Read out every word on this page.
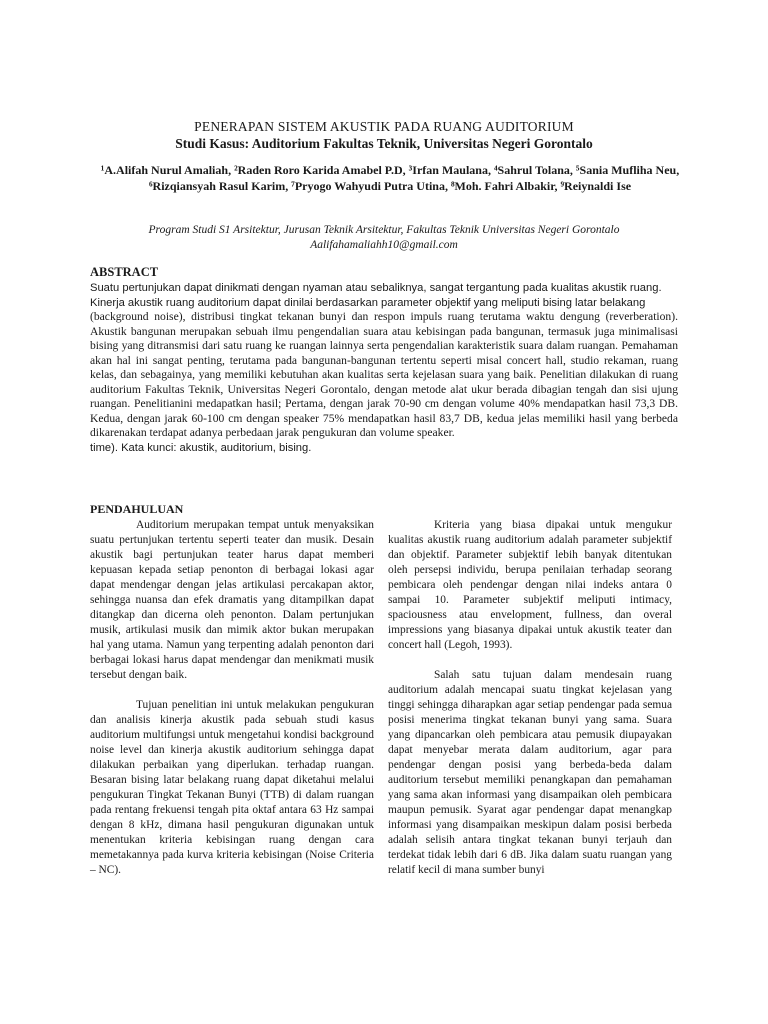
PENERAPAN SISTEM AKUSTIK PADA RUANG AUDITORIUM
Studi Kasus: Auditorium Fakultas Teknik, Universitas Negeri Gorontalo
¹A.Alifah Nurul Amaliah, ²Raden Roro Karida Amabel P.D, ³Irfan Maulana, ⁴Sahrul Tolana, ⁵Sania Mufliha Neu, ⁶Rizqiansyah Rasul Karim, ⁷Pryogo Wahyudi Putra Utina, ⁸Moh. Fahri Albakir, ⁹Reiynaldi Ise
Program Studi S1 Arsitektur, Jurusan Teknik Arsitektur, Fakultas Teknik Universitas Negeri Gorontalo
Aalifahamaliahh10@gmail.com
ABSTRACT

Suatu pertunjukan dapat dinikmati dengan nyaman atau sebaliknya, sangat tergantung pada kualitas akustik ruang.

Kinerja akustik ruang auditorium dapat dinilai berdasarkan parameter objektif yang meliputi bising latar belakang

(background noise), distribusi tingkat tekanan bunyi dan respon impuls ruang terutama waktu dengung (reverberation). Akustik bangunan merupakan sebuah ilmu pengendalian suara atau kebisingan pada bangunan, termasuk juga minimalisasi bising yang ditransmisi dari satu ruang ke ruangan lainnya serta pengendalian karakteristik suara dalam ruangan. Pemahaman akan hal ini sangat penting, terutama pada bangunan-bangunan tertentu seperti misal concert hall, studio rekaman, ruang kelas, dan sebagainya, yang memiliki kebutuhan akan kualitas serta kejelasan suara yang baik. Penelitian dilakukan di ruang auditorium Fakultas Teknik, Universitas Negeri Gorontalo, dengan metode alat ukur berada dibagian tengah dan sisi ujung ruangan. Penelitianini medapatkan hasil; Pertama, dengan jarak 70-90 cm dengan volume 40% mendapatkan hasil 73,3 DB. Kedua, dengan jarak 60-100 cm dengan speaker 75% mendapatkan hasil 83,7 DB, kedua jelas memiliki hasil yang berbeda dikarenakan terdapat adanya perbedaan jarak pengukuran dan volume speaker.

time). Kata kunci: akustik, auditorium, bising.

PENDAHULUAN

Auditorium merupakan tempat untuk menyaksikan suatu pertunjukan tertentu seperti teater dan musik. Desain akustik bagi pertunjukan teater harus dapat memberi kepuasan kepada setiap penonton di berbagai lokasi agar dapat mendengar dengan jelas artikulasi percakapan aktor, sehingga nuansa dan efek dramatis yang ditampilkan dapat ditangkap dan dicerna oleh penonton. Dalam pertunjukan musik, artikulasi musik dan mimik aktor bukan merupakan hal yang utama. Namun yang terpenting adalah penonton dari berbagai lokasi harus dapat mendengar dan menikmati musik tersebut dengan baik.

Tujuan penelitian ini untuk melakukan pengukuran dan analisis kinerja akustik pada sebuah studi kasus auditorium multifungsi untuk mengetahui kondisi background noise level dan kinerja akustik auditorium sehingga dapat dilakukan perbaikan yang diperlukan. terhadap ruangan. Besaran bising latar belakang ruang dapat diketahui melalui pengukuran Tingkat Tekanan Bunyi (TTB) di dalam ruangan pada rentang frekuensi tengah pita oktaf antara 63 Hz sampai dengan 8 kHz, dimana hasil pengukuran digunakan untuk menentukan kriteria kebisingan ruang dengan cara memetakannya pada kurva kriteria kebisingan (Noise Criteria – NC).

Kriteria yang biasa dipakai untuk mengukur kualitas akustik ruang auditorium adalah parameter subjektif dan objektif. Parameter subjektif lebih banyak ditentukan oleh persepsi individu, berupa penilaian terhadap seorang pembicara oleh pendengar dengan nilai indeks antara 0 sampai 10. Parameter subjektif meliputi intimacy, spaciousness atau envelopment, fullness, dan overal impressions yang biasanya dipakai untuk akustik teater dan concert hall (Legoh, 1993).

Salah satu tujuan dalam mendesain ruang auditorium adalah mencapai suatu tingkat kejelasan yang tinggi sehingga diharapkan agar setiap pendengar pada semua posisi menerima tingkat tekanan bunyi yang sama. Suara yang dipancarkan oleh pembicara atau pemusik diupayakan dapat menyebar merata dalam auditorium, agar para pendengar dengan posisi yang berbeda-beda dalam auditorium tersebut memiliki penangkapan dan pemahaman yang sama akan informasi yang disampaikan oleh pembicara maupun pemusik. Syarat agar pendengar dapat menangkap informasi yang disampaikan meskipun dalam posisi berbeda adalah selisih antara tingkat tekanan bunyi terjauh dan terdekat tidak lebih dari 6 dB. Jika dalam suatu ruangan yang relatif kecil di mana sumber bunyi
